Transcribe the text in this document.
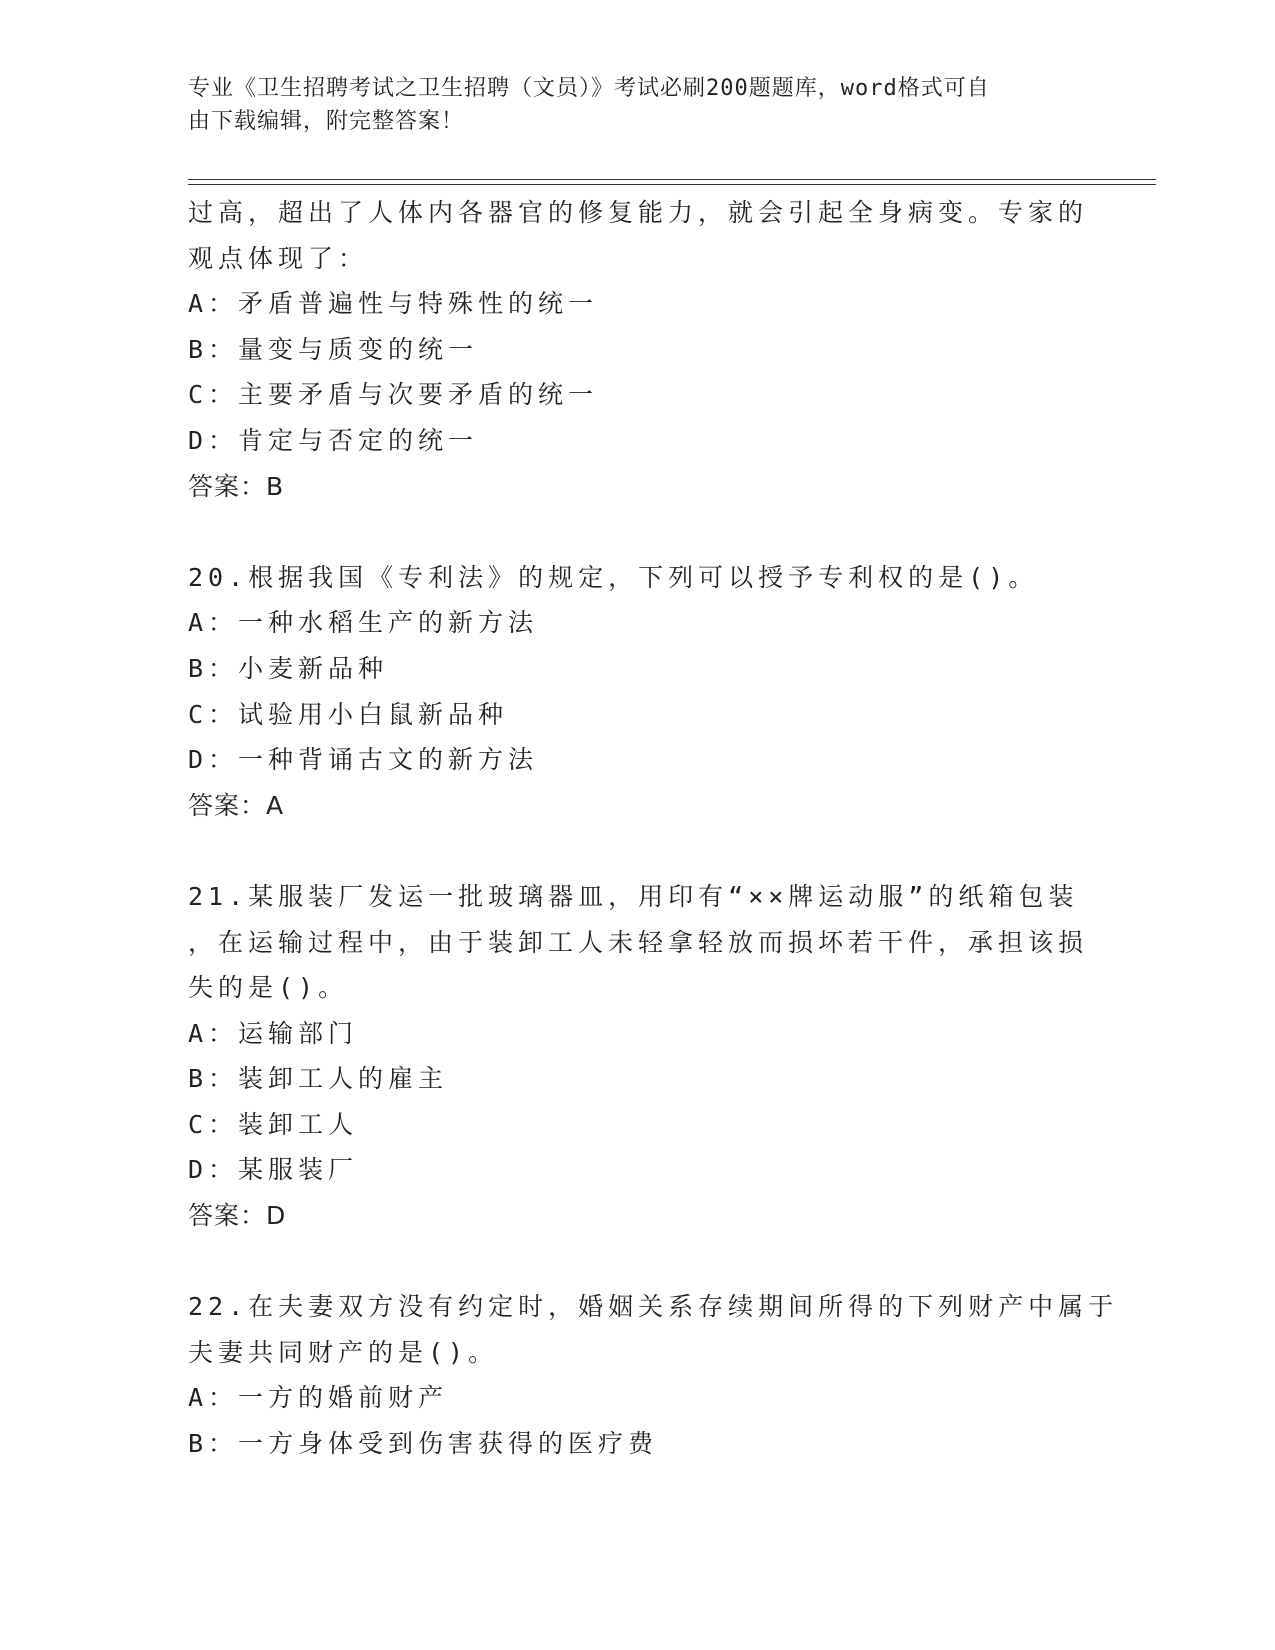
专业《卫生招聘考试之卫生招聘（文员）》考试必刷200题题库，word格式可自
由下载编辑，附完整答案！
过高，超出了人体内各器官的修复能力，就会引起全身病变。专家的
观点体现了：
A：矛盾普遍性与特殊性的统一
B：量变与质变的统一
C：主要矛盾与次要矛盾的统一
D：肯定与否定的统一
答案：B
20.根据我国《专利法》的规定，下列可以授予专利权的是()。
A：一种水稻生产的新方法
B：小麦新品种
C：试验用小白鼠新品种
D：一种背诵古文的新方法
答案：A
21.某服装厂发运一批玻璃器皿，用印有“××牌运动服”的纸箱包装
，在运输过程中，由于装卸工人未轻拿轻放而损坏若干件，承担该损
失的是()。
A：运输部门
B：装卸工人的雇主
C：装卸工人
D：某服装厂
答案：D
22.在夫妻双方没有约定时，婚姻关系存续期间所得的下列财产中属于
夫妻共同财产的是()。
A：一方的婚前财产
B：一方身体受到伤害获得的医疗费
